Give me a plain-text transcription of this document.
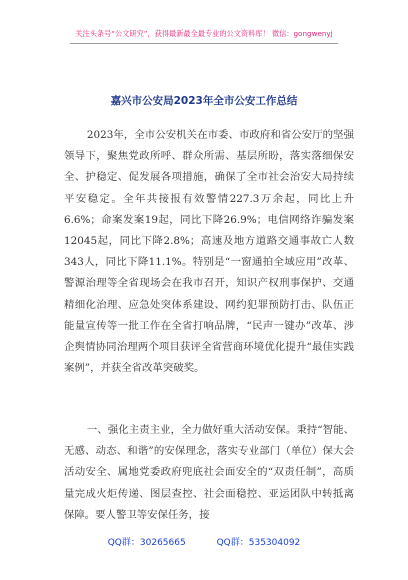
关注头条号“公文研究”，获得最新最全最专业的公文资料库！ 微信：gongwenyj
嘉兴市公安局2023年全市公安工作总结

2023年，全市公安机关在市委、市政府和省公安厅的坚强领导下，聚焦党政所呼、群众所需、基层所盼，落实落细保安全、护稳定、促发展各项措施，确保了全市社会治安大局持续平安稳定。全年共接报有效警情227.3万余起，同比上升6.6%；命案发案19起，同比下降26.9%；电信网络诈骗发案12045起，同比下降2.8%；高速及地方道路交通事故亡人数343人，同比下降11.1%。特别是“一窗通拍全域应用”改革、警源治理等全省现场会在我市召开，知识产权刑事保护、交通精细化治理、应急处突体系建设、网约犯罪预防打击、队伍正能量宣传等一批工作在全省打响品牌，“民声一键办”改革、涉企舆情协同治理两个项目获评全省营商环境优化提升“最佳实践案例”，并获全省改革突破奖。

一、强化主责主业，全力做好重大活动安保。秉持“智能、无感、动态、和谐”的安保理念，落实专业部门（单位）保大会活动安全、属地党委政府兜底社会面安全的“双责任制”，高质量完成火炬传递、图层查控、社会面稳控、亚运团队中转抵离保障。要人警卫等安保任务，接

QQ群：30265665	QQ群：535304092
